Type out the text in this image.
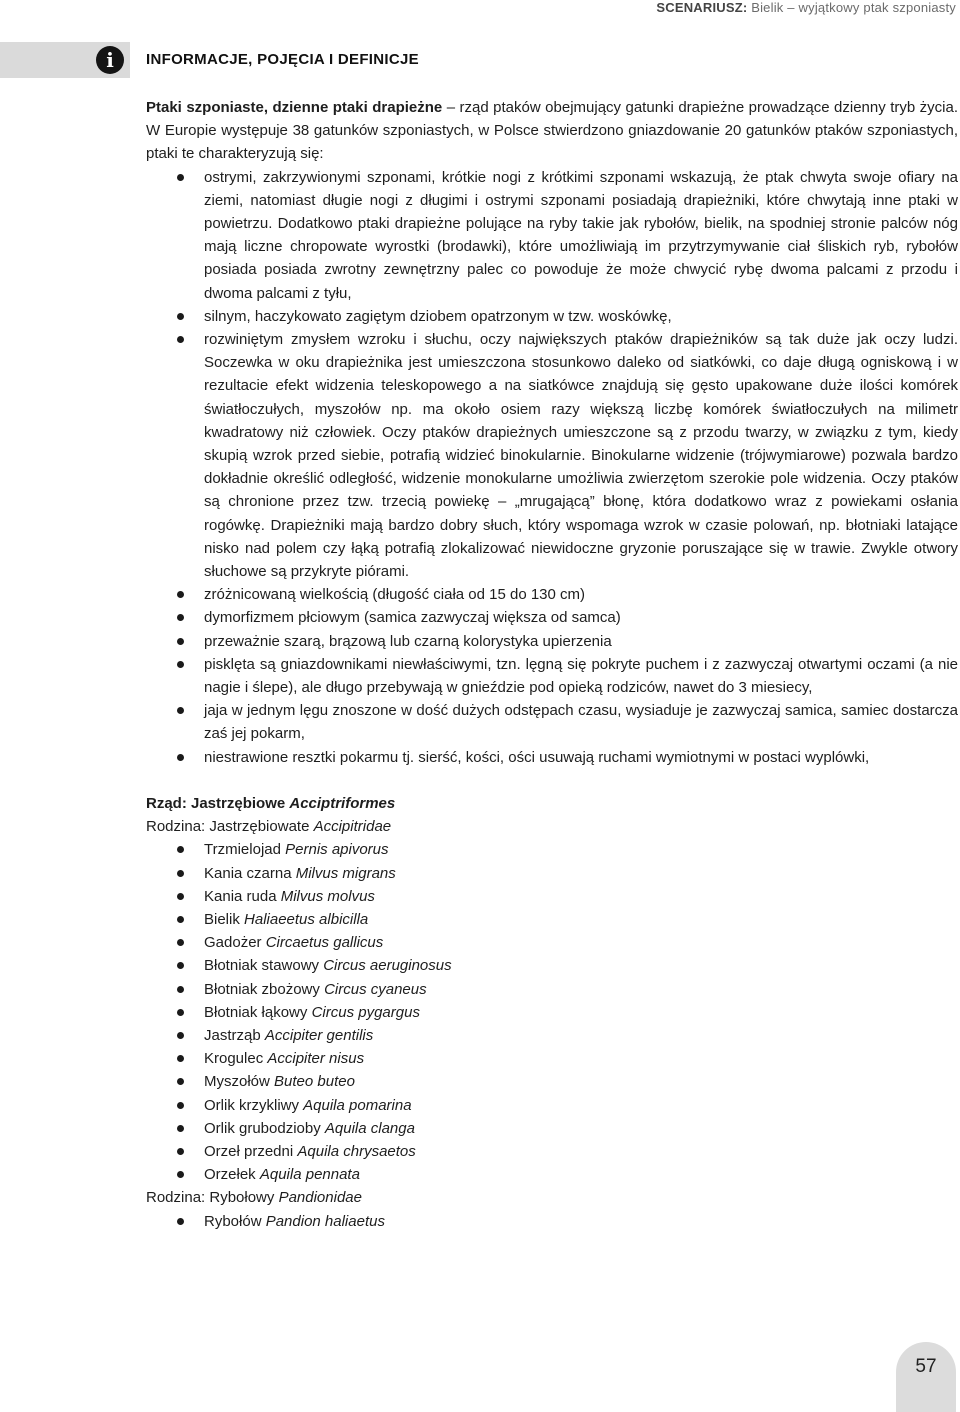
SCENARIUSZ: Bielik – wyjątkowy ptak szponiasty
i	INFORMACJE, POJĘCIA I DEFINICJE

Ptaki szponiaste, dzienne ptaki drapieżne – rząd ptaków obejmujący gatunki drapieżne prowadzące dzienny tryb życia. W Europie występuje 38 gatunków szponiastych, w Polsce stwierdzono gniazdowanie 20 gatunków ptaków szponiastych, ptaki te charakteryzują się:

ostrymi, zakrzywionymi szponami, krótkie nogi z krótkimi szponami wskazują, że ptak chwyta swoje ofiary na ziemi, natomiast długie nogi z długimi i ostrymi szponami posiadają drapieżniki, które chwytają inne ptaki w powietrzu. Dodatkowo ptaki drapieżne polujące na ryby takie jak rybołów, bielik, na spodniej stronie palców nóg mają liczne chropowate wyrostki (brodawki), które umożliwiają im przytrzymywanie ciał śliskich ryb, rybołów posiada posiada zwrotny zewnętrzny palec co powoduje że może chwycić rybę dwoma palcami z przodu i dwoma palcami z tyłu,
silnym, haczykowato zagiętym dziobem opatrzonym w tzw. woskówkę,
rozwiniętym zmysłem wzroku i słuchu, oczy największych ptaków drapieżników są tak duże jak oczy ludzi. Soczewka w oku drapieżnika jest umieszczona stosunkowo daleko od siatkówki, co daje długą ogniskową i w rezultacie efekt widzenia teleskopowego a na siatkówce znajdują się gęsto upakowane duże ilości komórek światłoczułych, myszołów np. ma około osiem razy większą liczbę komórek światłoczułych na milimetr kwadratowy niż człowiek. Oczy ptaków drapieżnych umieszczone są z przodu twarzy, w związku z tym, kiedy skupią wzrok przed siebie, potrafią widzieć binokularnie. Binokularne widzenie (trójwymiarowe) pozwala bardzo dokładnie określić odległość, widzenie monokularne umożliwia zwierzętom szerokie pole widzenia. Oczy ptaków są chronione przez tzw. trzecią powiekę – „mrugającą” błonę, która dodatkowo wraz z powiekami osłania rogówkę. Drapieżniki mają bardzo dobry słuch, który wspomaga wzrok w czasie polowań, np. błotniaki latające nisko nad polem czy łąką potrafią zlokalizować niewidoczne gryzonie poruszające się w trawie. Zwykle otwory słuchowe są przykryte piórami.
zróżnicowaną wielkością (długość ciała od 15 do 130 cm)
dymorfizmem płciowym (samica zazwyczaj większa od samca)
przeważnie szarą, brązową lub czarną kolorystyka upierzenia
pisklęta są gniazdownikami niewłaściwymi, tzn. lęgną się pokryte puchem i z zazwyczaj otwartymi oczami (a nie nagie i ślepe), ale długo przebywają w gnieździe pod opieką rodziców, nawet do 3 miesiecy,
jaja w jednym lęgu znoszone w dość dużych odstępach czasu, wysiaduje je zazwyczaj samica, samiec dostarcza zaś jej pokarm,
niestrawione resztki pokarmu tj. sierść, kości, ości usuwają ruchami wymiotnymi w postaci wyplówki,

Rząd: Jastrzębiowe Acciptriformes

Rodzina: Jastrzębiowate Accipitridae

Trzmielojad Pernis apivorus
Kania czarna Milvus migrans
Kania ruda Milvus molvus
Bielik Haliaeetus albicilla
Gadożer Circaetus gallicus
Błotniak stawowy Circus aeruginosus
Błotniak zbożowy Circus cyaneus
Błotniak łąkowy Circus pygargus
Jastrząb Accipiter gentilis
Krogulec Accipiter nisus
Myszołów Buteo buteo
Orlik krzykliwy Aquila pomarina
Orlik grubodzioby Aquila clanga
Orzeł przedni Aquila chrysaetos
Orzełek Aquila pennata

Rodzina: Rybołowy Pandionidae

Rybołów Pandion haliaetus
57
